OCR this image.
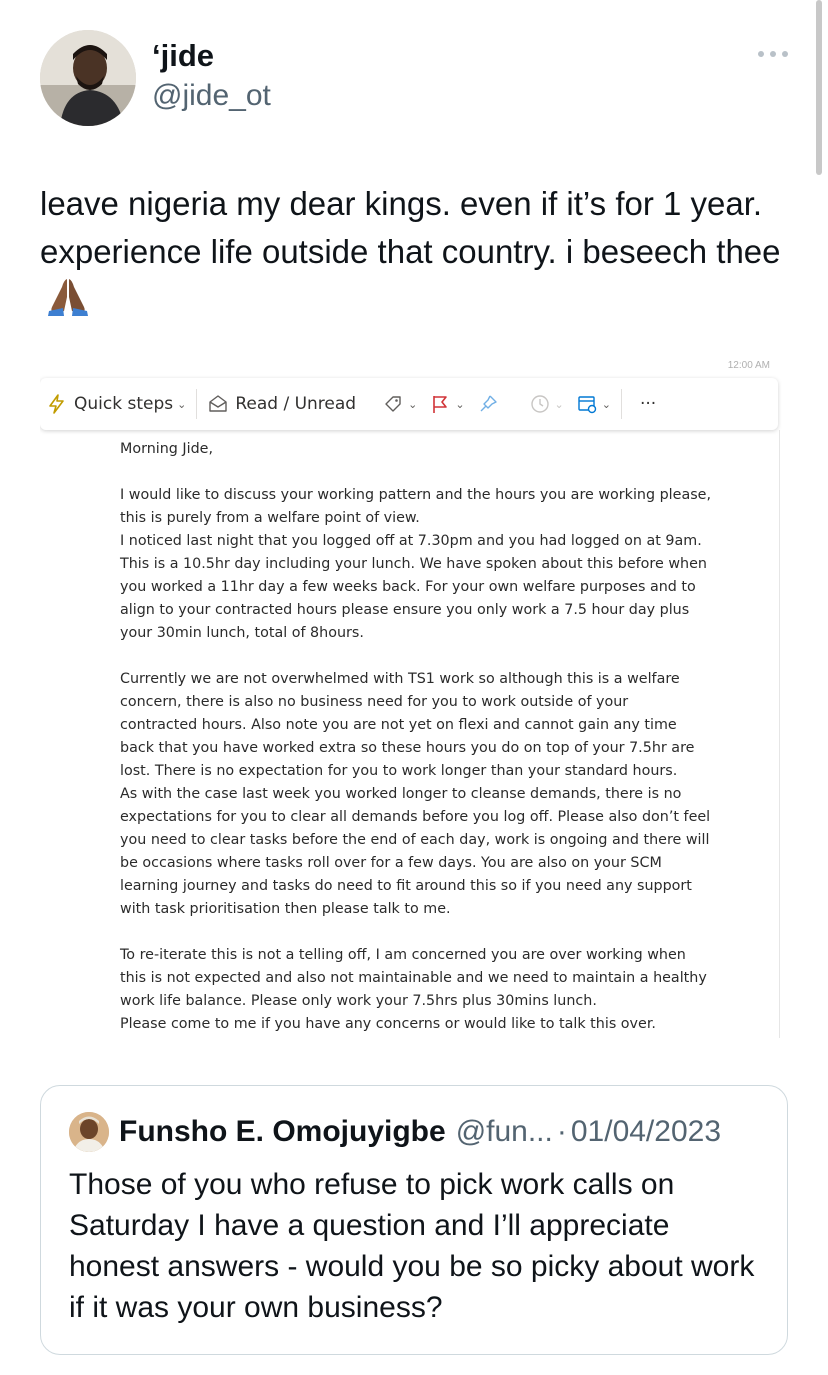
‘jide
@jide_ot
leave nigeria my dear kings. even if it’s for 1 year. experience life outside that country. i beseech thee
12:00 AM
Quick steps ⌄	Read / Unread	⌄	⌄	⌄	⌄ ···

Morning Jide,

I would like to discuss your working pattern and the hours you are working please,
this is purely from a welfare point of view.
I noticed last night that you logged off at 7.30pm and you had logged on at 9am.
This is a 10.5hr day including your lunch. We have spoken about this before when
you worked a 11hr day a few weeks back. For your own welfare purposes and to
align to your contracted hours please ensure you only work a 7.5 hour day plus
your 30min lunch, total of 8hours.

Currently we are not overwhelmed with TS1 work so although this is a welfare
concern, there is also no business need for you to work outside of your
contracted hours. Also note you are not yet on flexi and cannot gain any time
back that you have worked extra so these hours you do on top of your 7.5hr are
lost. There is no expectation for you to work longer than your standard hours.
As with the case last week you worked longer to cleanse demands, there is no
expectations for you to clear all demands before you log off. Please also don’t feel
you need to clear tasks before the end of each day, work is ongoing and there will
be occasions where tasks roll over for a few days. You are also on your SCM
learning journey and tasks do need to fit around this so if you need any support
with task prioritisation then please talk to me.

To re-iterate this is not a telling off, I am concerned you are over working when
this is not expected and also not maintainable and we need to maintain a healthy
work life balance. Please only work your 7.5hrs plus 30mins lunch.
Please come to me if you have any concerns or would like to talk this over.

Funsho E. Omojuyigbe @fun... · 01/04/2023
Those of you who refuse to pick work calls on Saturday I have a question and I’ll appreciate honest answers - would you be so picky about work if it was your own business?
